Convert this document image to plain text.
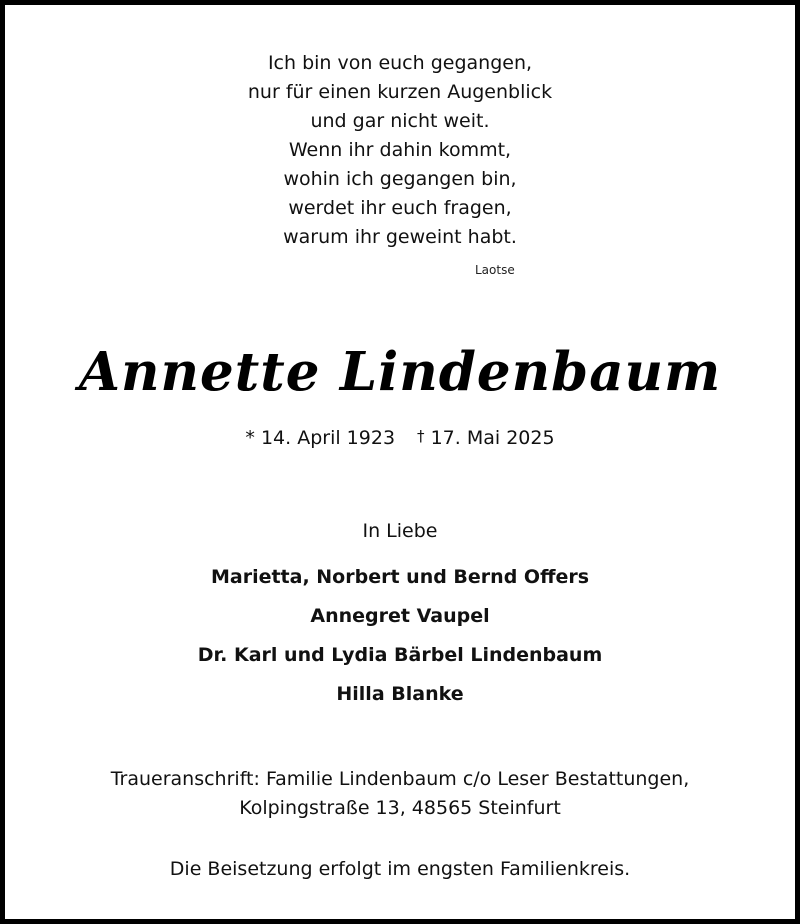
Ich bin von euch gegangen,
nur für einen kurzen Augenblick
und gar nicht weit.
Wenn ihr dahin kommt,
wohin ich gegangen bin,
werdet ihr euch fragen,
warum ihr geweint habt.
Laotse
Annette Lindenbaum
* 14. April 1923 † 17. Mai 2025
In Liebe
Marietta, Norbert und Bernd Offers
Annegret Vaupel
Dr. Karl und Lydia Bärbel Lindenbaum
Hilla Blanke
Traueranschrift: Familie Lindenbaum c/o Leser Bestattungen,
Kolpingstraße 13, 48565 Steinfurt
Die Beisetzung erfolgt im engsten Familienkreis.
